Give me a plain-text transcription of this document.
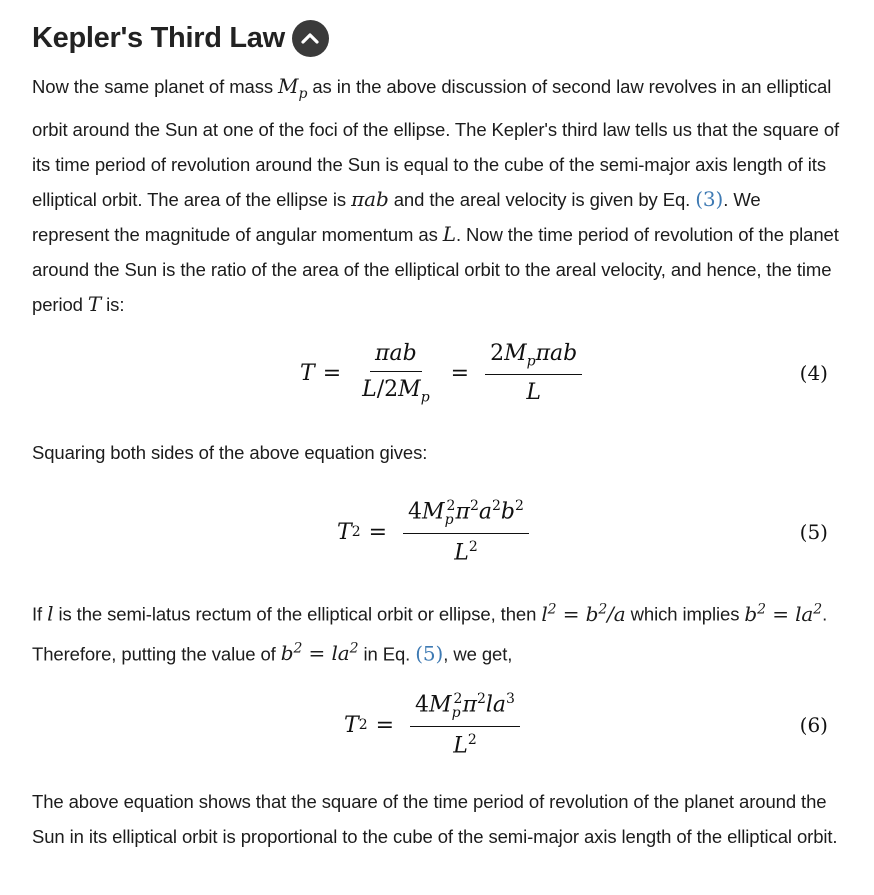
Kepler's Third Law
Now the same planet of mass $M_p$ as in the above discussion of second law revolves in an elliptical orbit around the Sun at one of the foci of the ellipse. The Kepler's third law tells us that the square of its time period of revolution around the Sun is equal to the cube of the semi-major axis length of its elliptical orbit. The area of the ellipse is πab and the areal velocity is given by Eq. (3). We represent the magnitude of angular momentum as L. Now the time period of revolution of the planet around the Sun is the ratio of the area of the elliptical orbit to the areal velocity, and hence, the time period T is:
$T = \frac{\text{πab}}{L/2M_p} = \frac{2M_p\pi ab}{L}$	(4)
Squaring both sides of the above equation gives:
T $2 = \frac{4M_p^2\pi^2a^2b^2}{L^2}$	(5)
If l is the semi-latus rectum of the elliptical orbit or ellipse, then $l^2 = b^2/a$ which implies $b^2 = la^2$. Therefore, putting the value of $b^2 = la^2$ in Eq. (5), we get,
T $2 = \frac{4M_p^2\pi^2la^3}{L^2}$	(6)
The above equation shows that the square of the time period of revolution of the planet around the Sun in its elliptical orbit is proportional to the cube of the semi-major axis length of the elliptical orbit.
